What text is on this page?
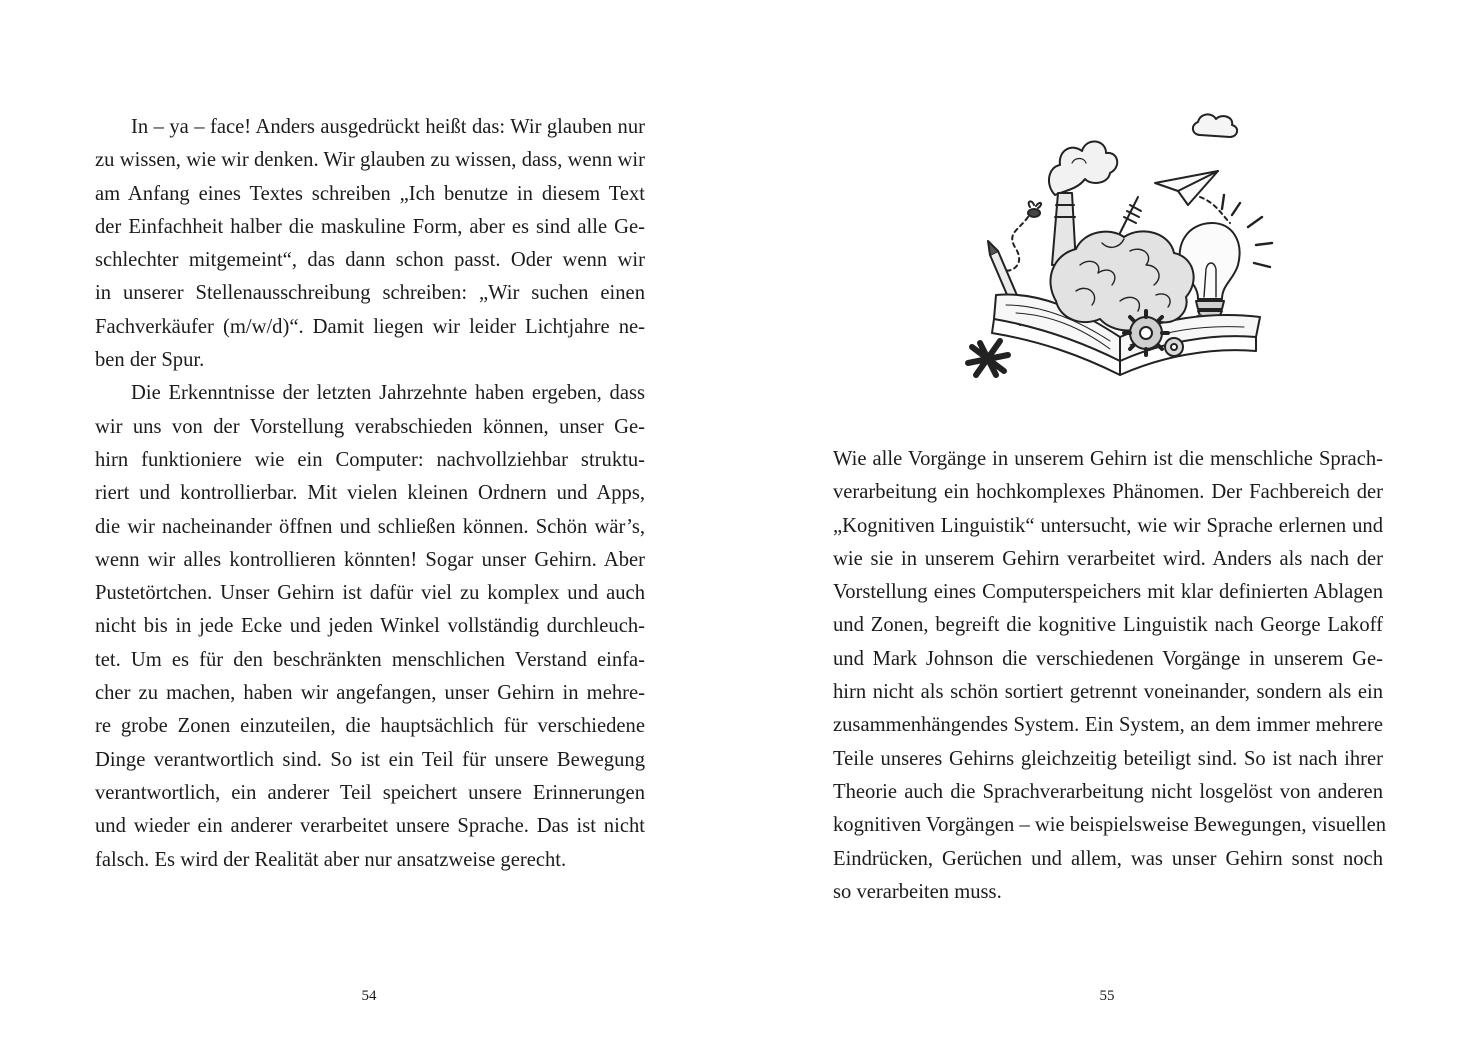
In – ya – face! Anders ausgedrückt heißt das: Wir glauben nur
zu wissen, wie wir denken. Wir glauben zu wissen, dass, wenn wir
am Anfang eines Textes schreiben „Ich benutze in diesem Text
der Einfachheit halber die maskuline Form, aber es sind alle Ge-
schlechter mitgemeint“, das dann schon passt. Oder wenn wir
in unserer Stellenausschreibung schreiben: „Wir suchen einen
Fachverkäufer (m/w/d)“. Damit liegen wir leider Lichtjahre ne-
ben der Spur.
Die Erkenntnisse der letzten Jahrzehnte haben ergeben, dass
wir uns von der Vorstellung verabschieden können, unser Ge-
hirn funktioniere wie ein Computer: nachvollziehbar struktu-
riert und kontrollierbar. Mit vielen kleinen Ordnern und Apps,
die wir nacheinander öffnen und schließen können. Schön wär’s,
wenn wir alles kontrollieren könnten! Sogar unser Gehirn. Aber
Pustetörtchen. Unser Gehirn ist dafür viel zu komplex und auch
nicht bis in jede Ecke und jeden Winkel vollständig durchleuch-
tet. Um es für den beschränkten menschlichen Verstand einfa-
cher zu machen, haben wir angefangen, unser Gehirn in mehre-
re grobe Zonen einzuteilen, die hauptsächlich für verschiedene
Dinge verantwortlich sind. So ist ein Teil für unsere Bewegung
verantwortlich, ein anderer Teil speichert unsere Erinnerungen
und wieder ein anderer verarbeitet unsere Sprache. Das ist nicht
falsch. Es wird der Realität aber nur ansatzweise gerecht.
54
Wie alle Vorgänge in unserem Gehirn ist die menschliche Sprach-
verarbeitung ein hochkomplexes Phänomen. Der Fachbereich der
„Kognitiven Linguistik“ untersucht, wie wir Sprache erlernen und
wie sie in unserem Gehirn verarbeitet wird. Anders als nach der
Vorstellung eines Computerspeichers mit klar definierten Ablagen
und Zonen, begreift die kognitive Linguistik nach George Lakoff
und Mark Johnson die verschiedenen Vorgänge in unserem Ge-
hirn nicht als schön sortiert getrennt voneinander, sondern als ein
zusammenhängendes System. Ein System, an dem immer mehrere
Teile unseres Gehirns gleichzeitig beteiligt sind. So ist nach ihrer
Theorie auch die Sprachverarbeitung nicht losgelöst von anderen
kognitiven Vorgängen – wie beispielsweise Bewegungen, visuellen
Eindrücken, Gerüchen und allem, was unser Gehirn sonst noch
so verarbeiten muss.
55
